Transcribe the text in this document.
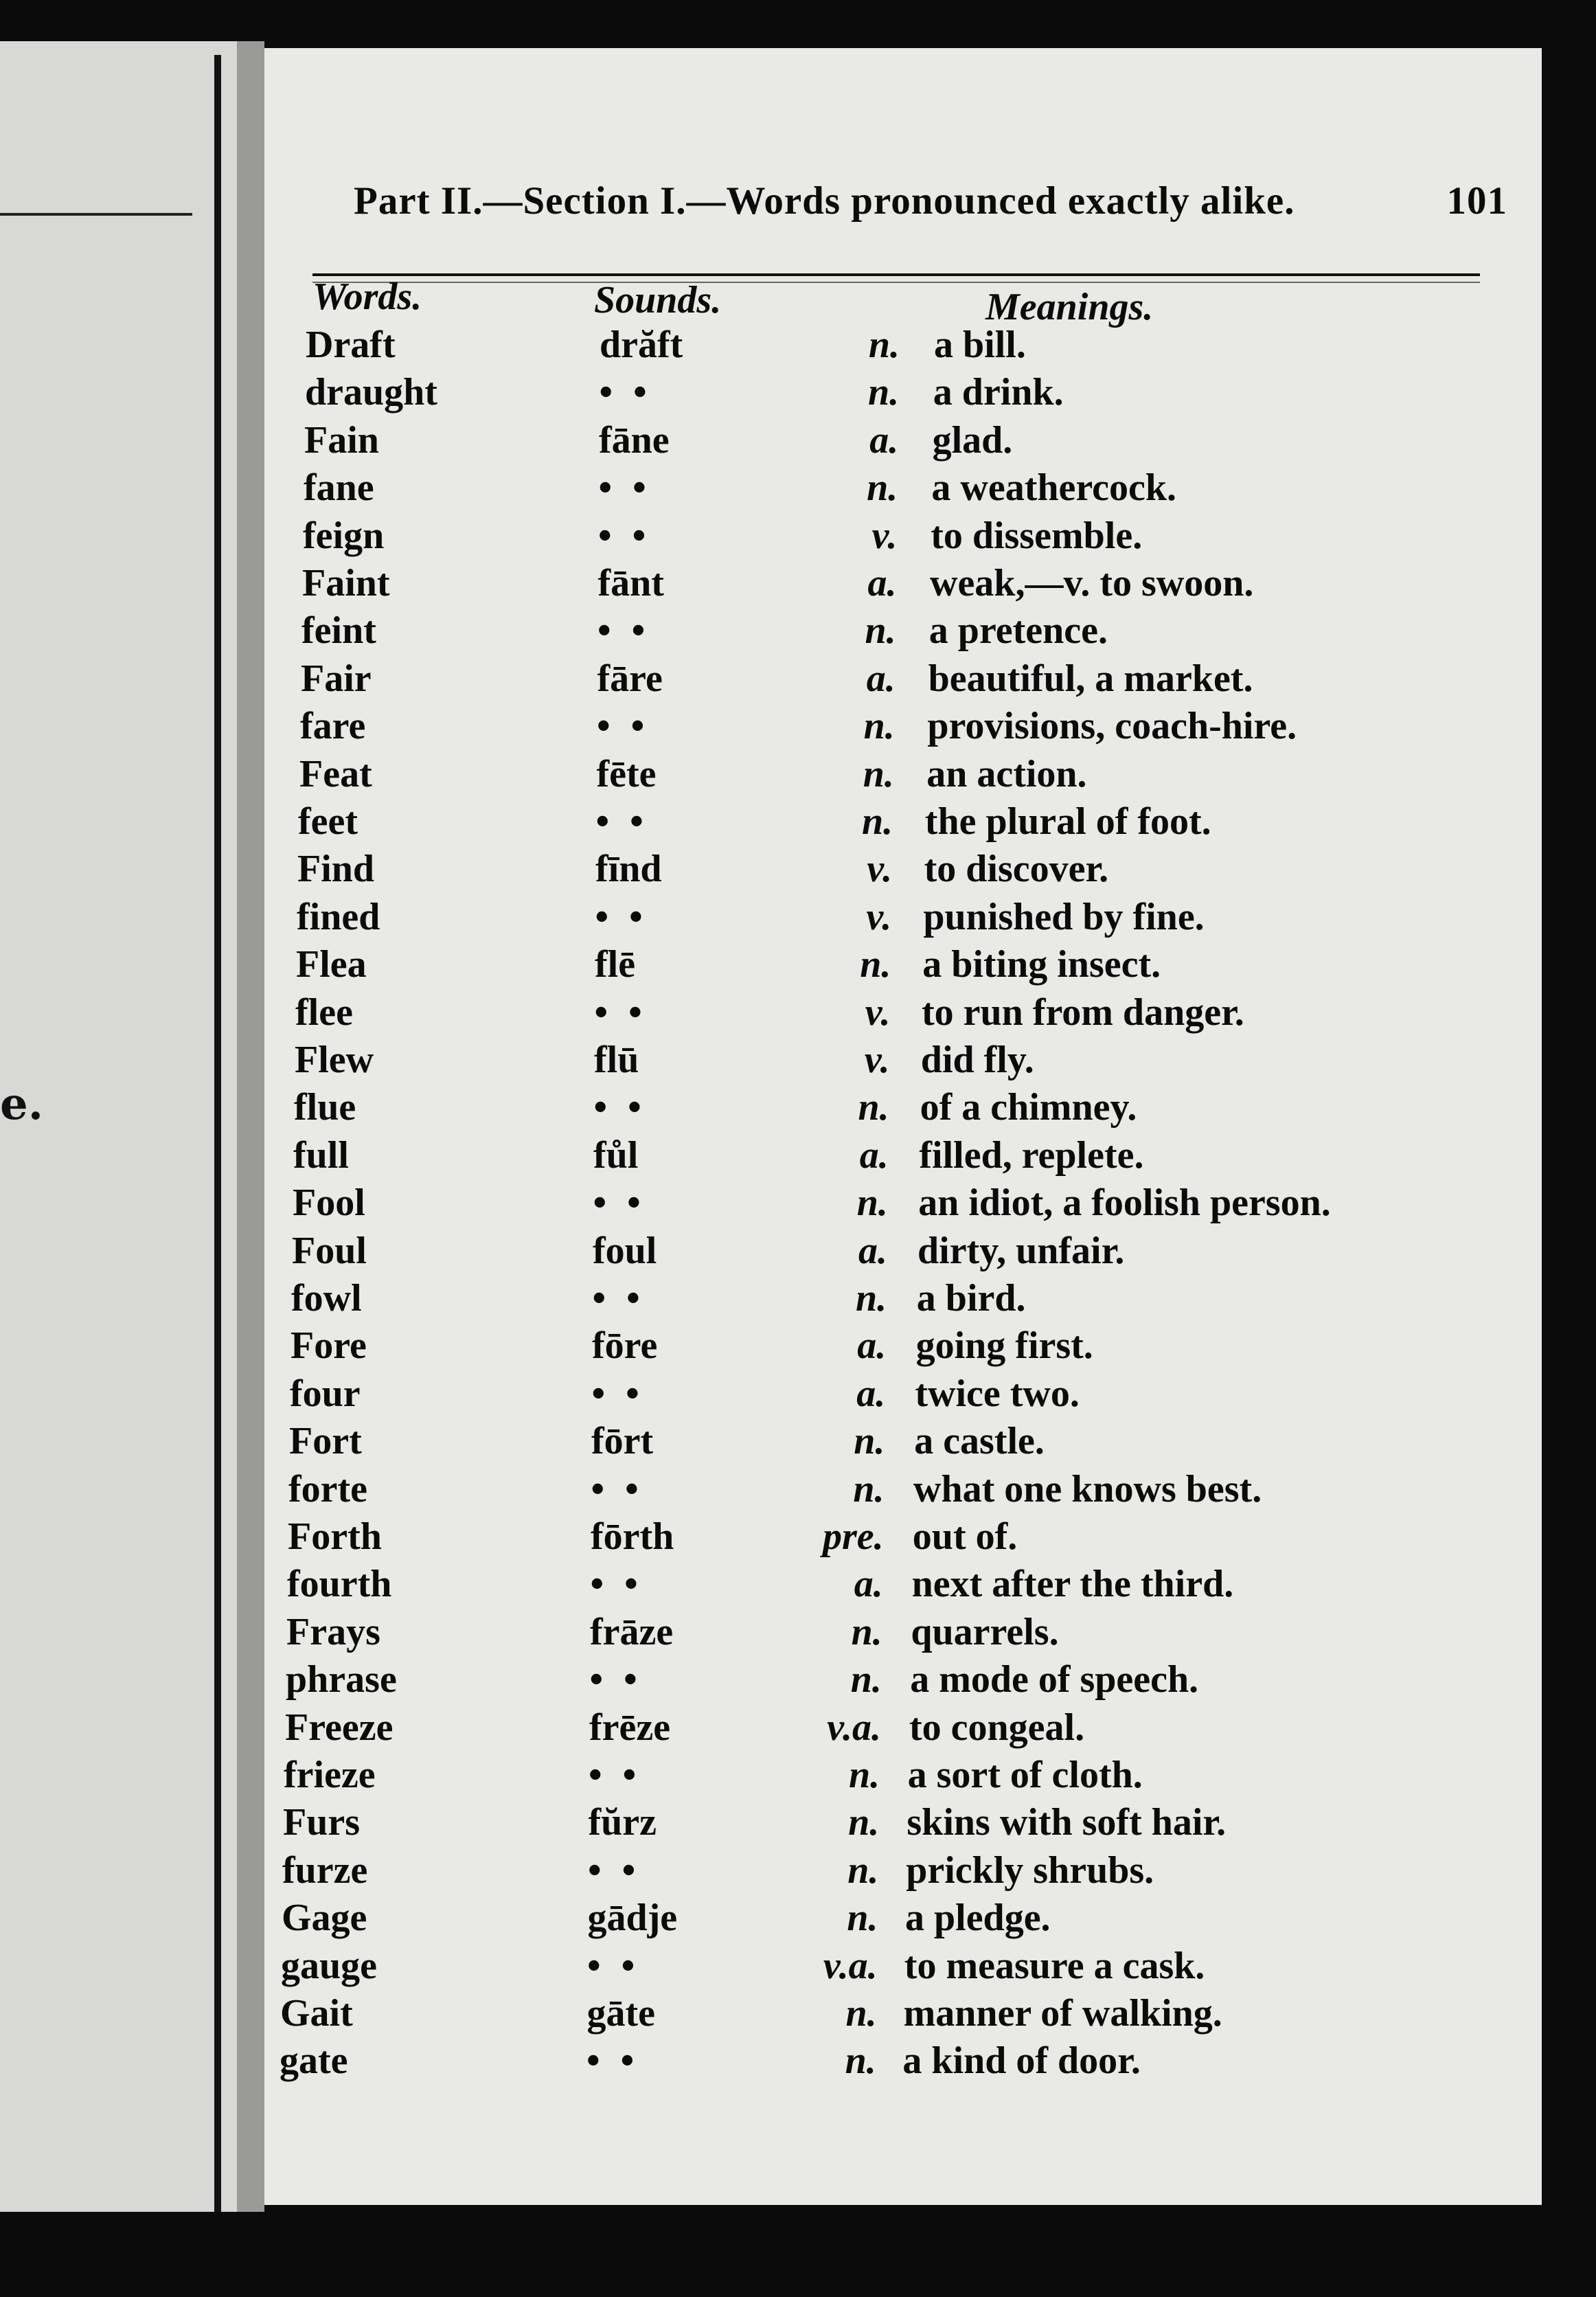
e.
Part II.—Section I.—Words pronounced exactly alike.	101
Words.	Sounds.	Meanings.
Draft	drăft	n. a bill.
draught	• •	n. a drink.
Fain	fāne	a. glad.
fane	• •	n. a weathercock.
feign	• •	v. to dissemble.
Faint	fānt	a. weak,—v. to swoon.
feint	• •	n. a pretence.
Fair	fāre	a. beautiful, a market.
fare	• •	n. provisions, coach-hire.
Feat	fēte	n. an action.
feet	• •	n. the plural of foot.
Find	fīnd	v. to discover.
fined	• •	v. punished by fine.
Flea	flē	n. a biting insect.
flee	• •	v. to run from danger.
Flew	flū	v. did fly.
flue	• •	n. of a chimney.
full	fůl	a. filled, replete.
Fool	• •	n. an idiot, a foolish person.
Foul	foul	a. dirty, unfair.
fowl	• •	n. a bird.
Fore	fōre	a. going first.
four	• •	a. twice two.
Fort	fōrt	n. a castle.
forte	• •	n. what one knows best.
Forth	fōrth	pre. out of.
fourth	• •	a. next after the third.
Frays	frāze	n. quarrels.
phrase	• •	n. a mode of speech.
Freeze	frēze	v.a. to congeal.
frieze	• •	n. a sort of cloth.
Furs	fŭrz	n. skins with soft hair.
furze	• •	n. prickly shrubs.
Gage	gādje	n. a pledge.
gauge	• •	v.a. to measure a cask.
Gait	gāte	n. manner of walking.
gate	• •	n. a kind of door.
